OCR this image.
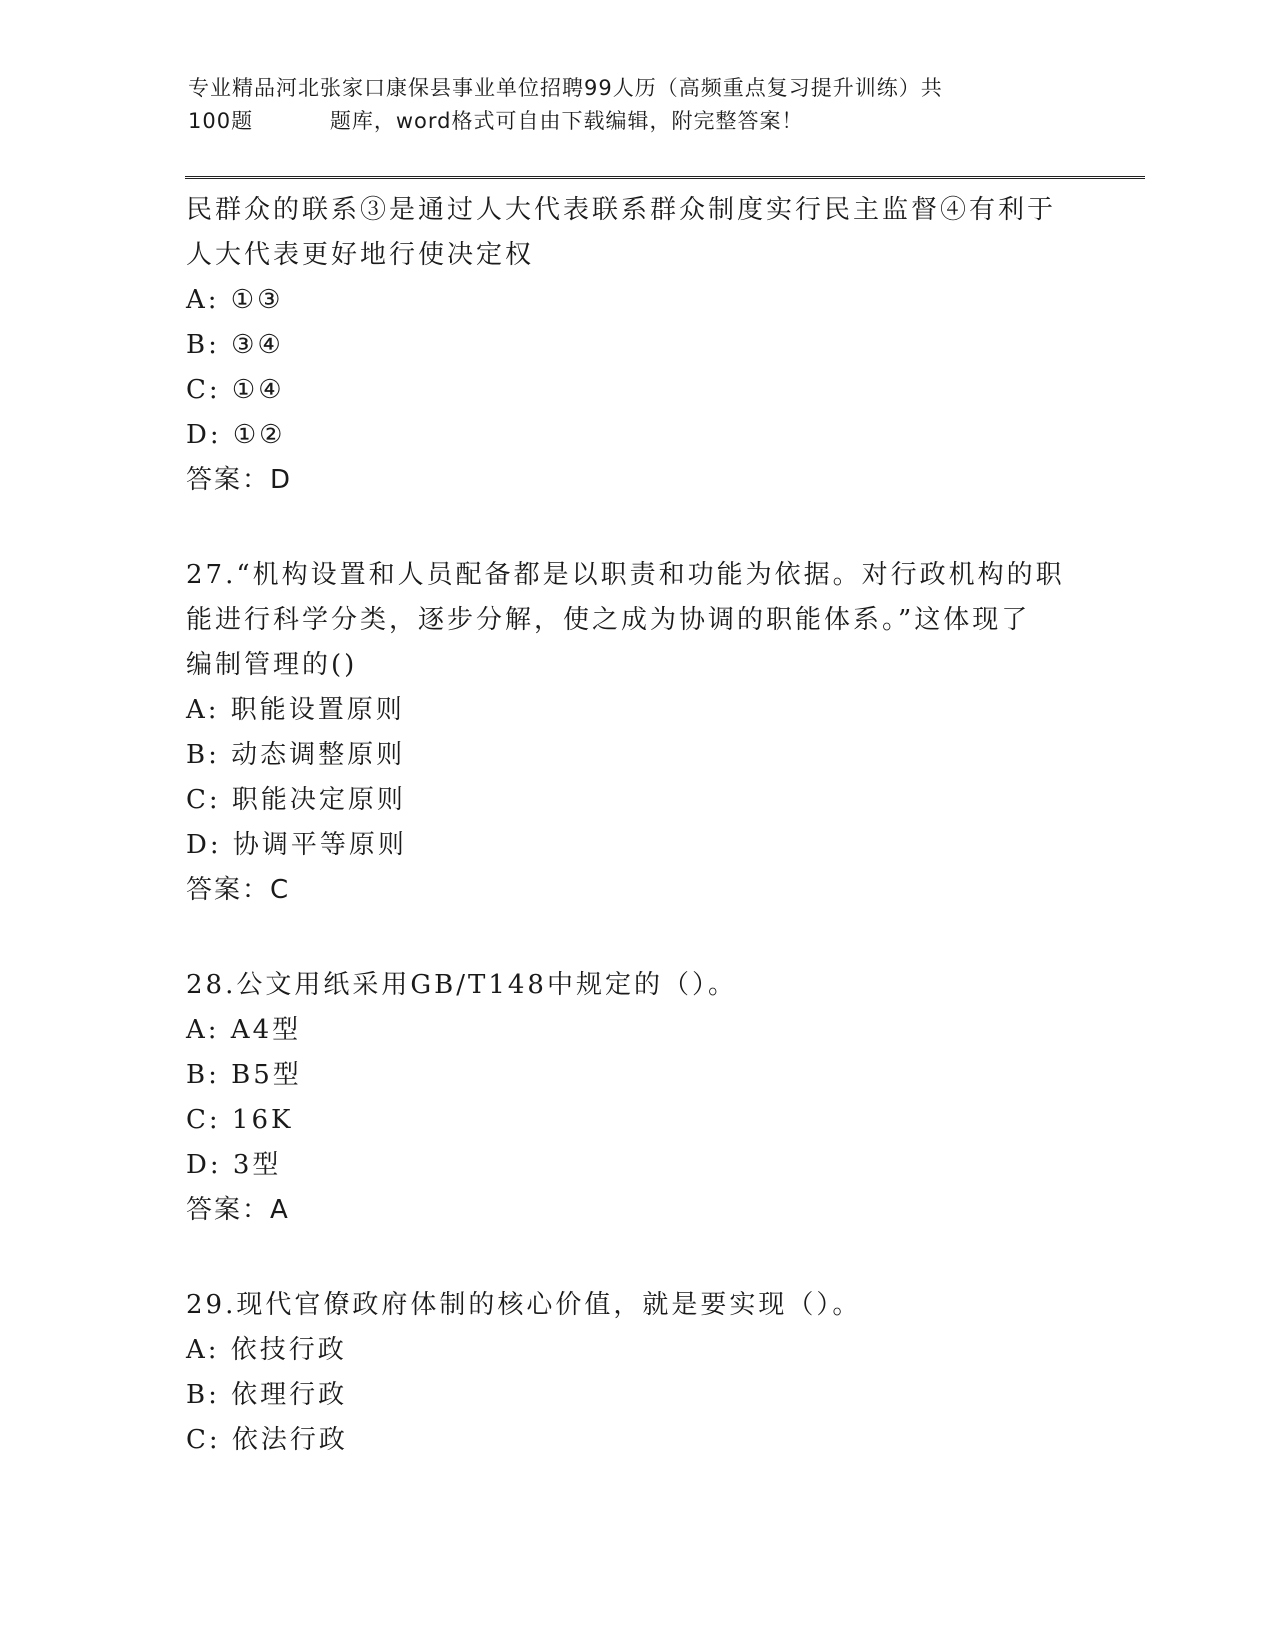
专业精品河北张家口康保县事业单位招聘99人历（高频重点复习提升训练）共
100题          题库，word格式可自由下载编辑，附完整答案！
民群众的联系③是通过人大代表联系群众制度实行民主监督④有利于
人大代表更好地行使决定权
A: ①③
B: ③④
C: ①④
D: ①②
答案：D
27.“机构设置和人员配备都是以职责和功能为依据。对行政机构的职
能进行科学分类，逐步分解，使之成为协调的职能体系。”这体现了
编制管理的()
A: 职能设置原则
B: 动态调整原则
C: 职能决定原则
D: 协调平等原则
答案：C
28.公文用纸采用GB/T148中规定的（）。
A: A4型
B: B5型
C: 16K
D: 3型
答案：A
29.现代官僚政府体制的核心价值，就是要实现（）。
A: 依技行政
B: 依理行政
C: 依法行政
